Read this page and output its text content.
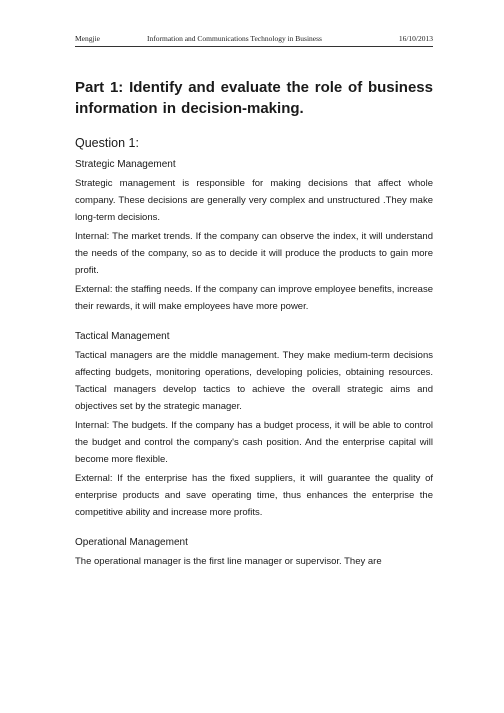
Mengjie	Information and Communications Technology in Business	16/10/2013
Part 1: Identify and evaluate the role of business information in decision-making.
Question 1:
Strategic Management

Strategic management is responsible for making decisions that affect whole company. These decisions are generally very complex and unstructured .They make long-term decisions.

Internal: The market trends. If the company can observe the index, it will understand the needs of the company, so as to decide it will produce the products to gain more profit.

External: the staffing needs. If the company can improve employee benefits, increase their rewards, it will make employees have more power.

Tactical Management

Tactical managers are the middle management. They make medium-term decisions affecting budgets, monitoring operations, developing policies, obtaining resources. Tactical managers develop tactics to achieve the overall strategic aims and objectives set by the strategic manager.

Internal: The budgets. If the company has a budget process, it will be able to control the budget and control the company's cash position. And the enterprise capital will become more flexible.

External: If the enterprise has the fixed suppliers, it will guarantee the quality of enterprise products and save operating time, thus enhances the enterprise the competitive ability and increase more profits.

Operational Management

The operational manager is the first line manager or supervisor. They are
